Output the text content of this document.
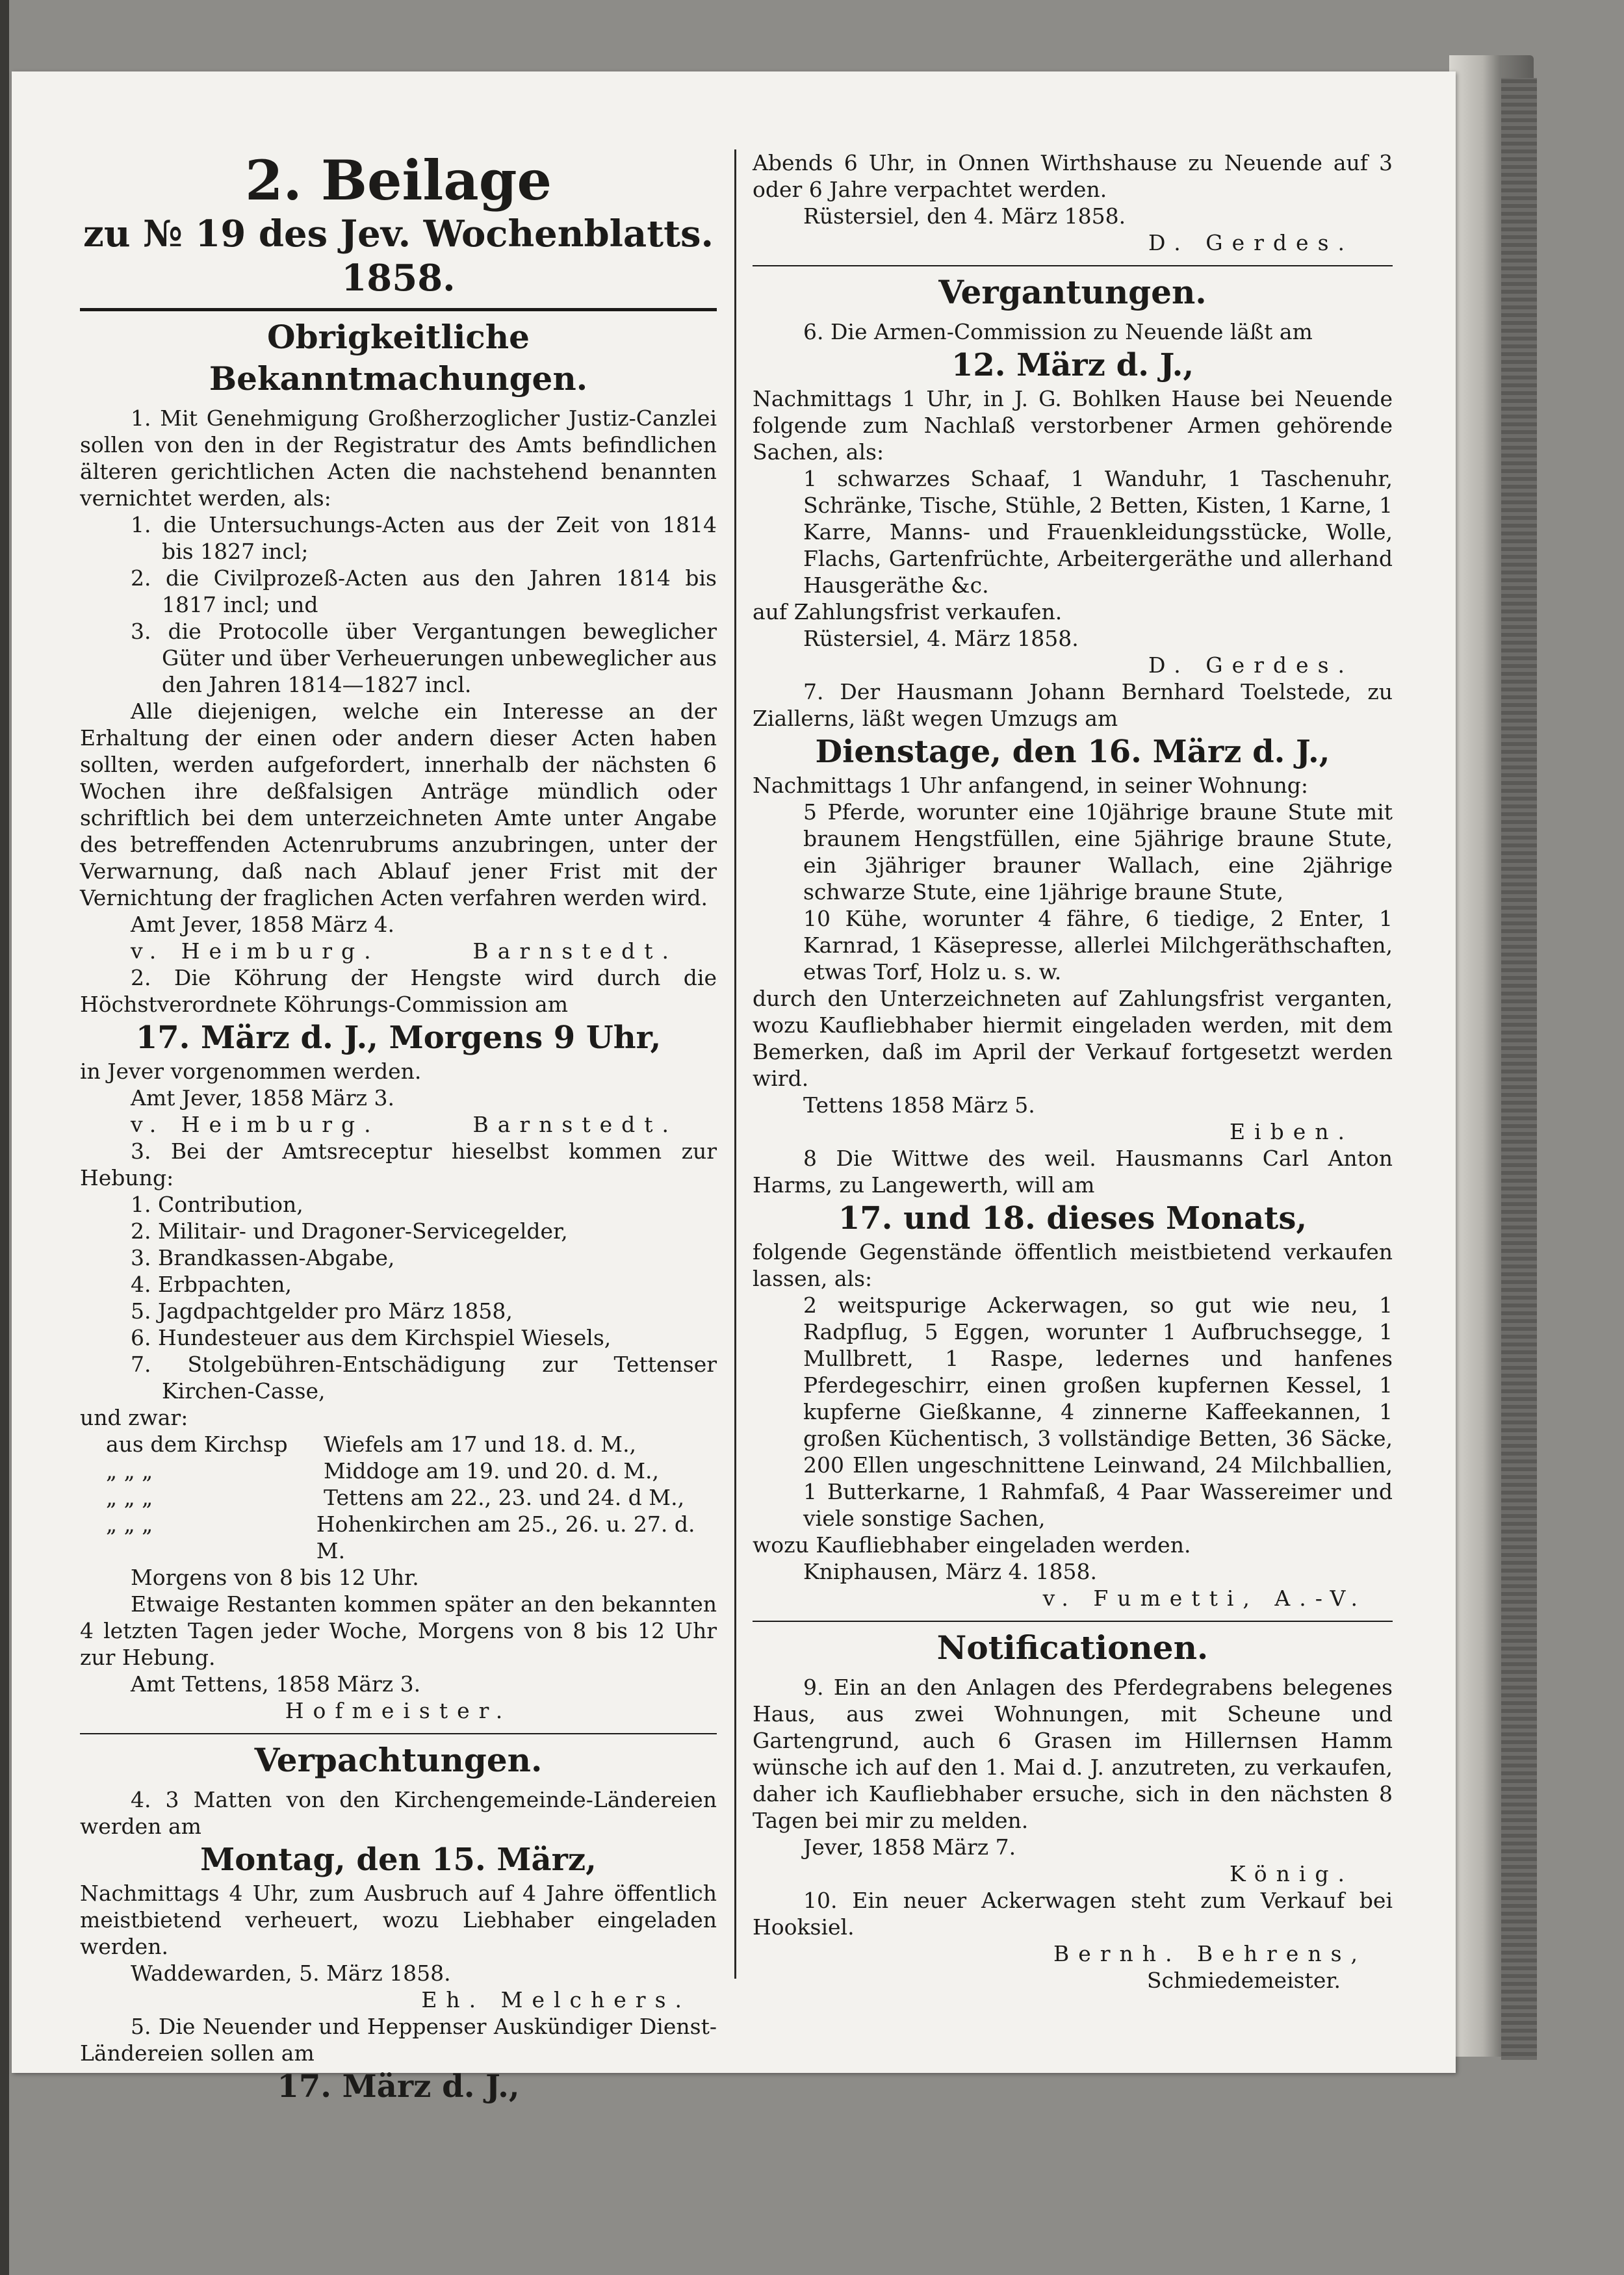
2. Beilage
zu № 19 des Jev. Wochenblatts. 1858.
Obrigkeitliche Bekanntmachungen.

1. Mit Genehmigung Großherzoglicher Justiz-Canzlei sollen von den in der Registratur des Amts befindlichen älteren gerichtlichen Acten die nachstehend benannten vernichtet werden, als:

1. die Untersuchungs-Acten aus der Zeit von 1814 bis 1827 incl;
2. die Civilprozeß-Acten aus den Jahren 1814 bis 1817 incl; und
3. die Protocolle über Vergantungen beweglicher Güter und über Verheuerungen unbeweglicher aus den Jahren 1814—1827 incl.

Alle diejenigen, welche ein Interesse an der Erhaltung der einen oder andern dieser Acten haben sollten, werden aufgefordert, innerhalb der nächsten 6 Wochen ihre deßfalsigen Anträge mündlich oder schriftlich bei dem unterzeichneten Amte unter Angabe des betreffenden Actenrubrums anzubringen, unter der Verwarnung, daß nach Ablauf jener Frist mit der Vernichtung der fraglichen Acten verfahren werden wird.

Amt Jever, 1858 März 4.

v. Heimburg.	Barnstedt.

2. Die Köhrung der Hengste wird durch die Höchstverordnete Köhrungs-Commission am

17. März d. J., Morgens 9 Uhr,

in Jever vorgenommen werden.

Amt Jever, 1858 März 3.

v. Heimburg.	Barnstedt.

3. Bei der Amtsreceptur hieselbst kommen zur Hebung:

1. Contribution,
2. Militair- und Dragoner-Servicegelder,
3. Brandkassen-Abgabe,
4. Erbpachten,
5. Jagdpachtgelder pro März 1858,
6. Hundesteuer aus dem Kirchspiel Wiesels,
7. Stolgebühren-Entschädigung zur Tettenser Kirchen-Casse,

und zwar:

aus dem Kirchsp	Wiefels am 17 und 18. d. M.,
„ „ „	Middoge am 19. und 20. d. M.,
„ „ „	Tettens am 22., 23. und 24. d M.,
„ „ „	Hohenkirchen am 25., 26. u. 27. d. M.

Morgens von 8 bis 12 Uhr.

Etwaige Restanten kommen später an den bekannten 4 letzten Tagen jeder Woche, Morgens von 8 bis 12 Uhr zur Hebung.

Amt Tettens, 1858 März 3.

Hofmeister.

Verpachtungen.

4. 3 Matten von den Kirchengemeinde-Ländereien werden am

Montag, den 15. März,

Nachmittags 4 Uhr, zum Ausbruch auf 4 Jahre öffentlich meistbietend verheuert, wozu Liebhaber eingeladen werden.

Waddewarden, 5. März 1858.

Eh. Melchers.

5. Die Neuender und Heppenser Auskündiger Dienst-Ländereien sollen am

17. März d. J.,

Abends 6 Uhr, in Onnen Wirthshause zu Neuende auf 3 oder 6 Jahre verpachtet werden.

Rüstersiel, den 4. März 1858.

D. Gerdes.

Vergantungen.

6. Die Armen-Commission zu Neuende läßt am

12. März d. J.,

Nachmittags 1 Uhr, in J. G. Bohlken Hause bei Neuende folgende zum Nachlaß verstorbener Armen gehörende Sachen, als:

1 schwarzes Schaaf, 1 Wanduhr, 1 Taschenuhr, Schränke, Tische, Stühle, 2 Betten, Kisten, 1 Karne, 1 Karre, Manns- und Frauenkleidungsstücke, Wolle, Flachs, Gartenfrüchte, Arbeitergeräthe und allerhand Hausgeräthe &c.

auf Zahlungsfrist verkaufen.

Rüstersiel, 4. März 1858.

D. Gerdes.

7. Der Hausmann Johann Bernhard Toelstede, zu Ziallerns, läßt wegen Umzugs am

Dienstage, den 16. März d. J.,

Nachmittags 1 Uhr anfangend, in seiner Wohnung:

5 Pferde, worunter eine 10jährige braune Stute mit braunem Hengstfüllen, eine 5jährige braune Stute, ein 3jähriger brauner Wallach, eine 2jährige schwarze Stute, eine 1jährige braune Stute,

10 Kühe, worunter 4 fähre, 6 tiedige, 2 Enter, 1 Karnrad, 1 Käsepresse, allerlei Milchgeräthschaften, etwas Torf, Holz u. s. w.

durch den Unterzeichneten auf Zahlungsfrist verganten, wozu Kaufliebhaber hiermit eingeladen werden, mit dem Bemerken, daß im April der Verkauf fortgesetzt werden wird.

Tettens 1858 März 5.

Eiben.

8 Die Wittwe des weil. Hausmanns Carl Anton Harms, zu Langewerth, will am

17. und 18. dieses Monats,

folgende Gegenstände öffentlich meistbietend verkaufen lassen, als:

2 weitspurige Ackerwagen, so gut wie neu, 1 Radpflug, 5 Eggen, worunter 1 Aufbruchsegge, 1 Mullbrett, 1 Raspe, ledernes und hanfenes Pferdegeschirr, einen großen kupfernen Kessel, 1 kupferne Gießkanne, 4 zinnerne Kaffeekannen, 1 großen Küchentisch, 3 vollständige Betten, 36 Säcke, 200 Ellen ungeschnittene Leinwand, 24 Milchballien, 1 Butterkarne, 1 Rahmfaß, 4 Paar Wassereimer und viele sonstige Sachen,

wozu Kaufliebhaber eingeladen werden.

Kniphausen, März 4. 1858.

v. Fumetti, A.-V.

Notificationen.

9. Ein an den Anlagen des Pferdegrabens belegenes Haus, aus zwei Wohnungen, mit Scheune und Gartengrund, auch 6 Grasen im Hillernsen Hamm wünsche ich auf den 1. Mai d. J. anzutreten, zu verkaufen, daher ich Kaufliebhaber ersuche, sich in den nächsten 8 Tagen bei mir zu melden.

Jever, 1858 März 7.

König.

10. Ein neuer Ackerwagen steht zum Verkauf bei Hooksiel.

Bernh. Behrens,

Schmiedemeister.
